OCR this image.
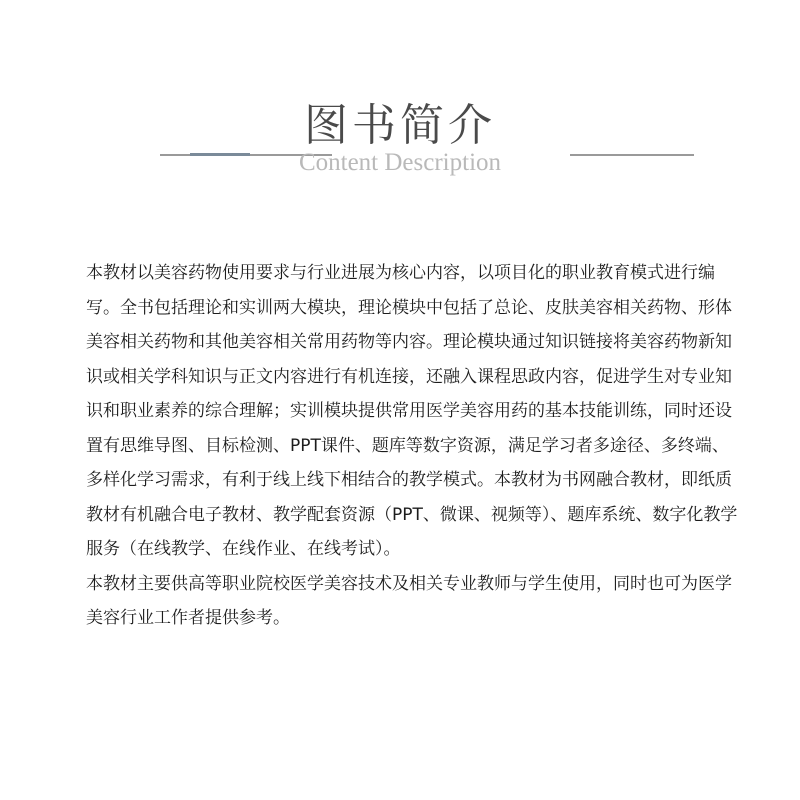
图书简介
Content Description

本教材以美容药物使用要求与行业进展为核心内容，以项目化的职业教育模式进行编写。全书包括理论和实训两大模块，理论模块中包括了总论、皮肤美容相关药物、形体美容相关药物和其他美容相关常用药物等内容。理论模块通过知识链接将美容药物新知识或相关学科知识与正文内容进行有机连接，还融入课程思政内容，促进学生对专业知识和职业素养的综合理解；实训模块提供常用医学美容用药的基本技能训练，同时还设置有思维导图、目标检测、PPT课件、题库等数字资源，满足学习者多途径、多终端、多样化学习需求，有利于线上线下相结合的教学模式。本教材为书网融合教材，即纸质教材有机融合电子教材、教学配套资源（PPT、微课、视频等）、题库系统、数字化教学服务（在线教学、在线作业、在线考试）。

本教材主要供高等职业院校医学美容技术及相关专业教师与学生使用，同时也可为医学美容行业工作者提供参考。
